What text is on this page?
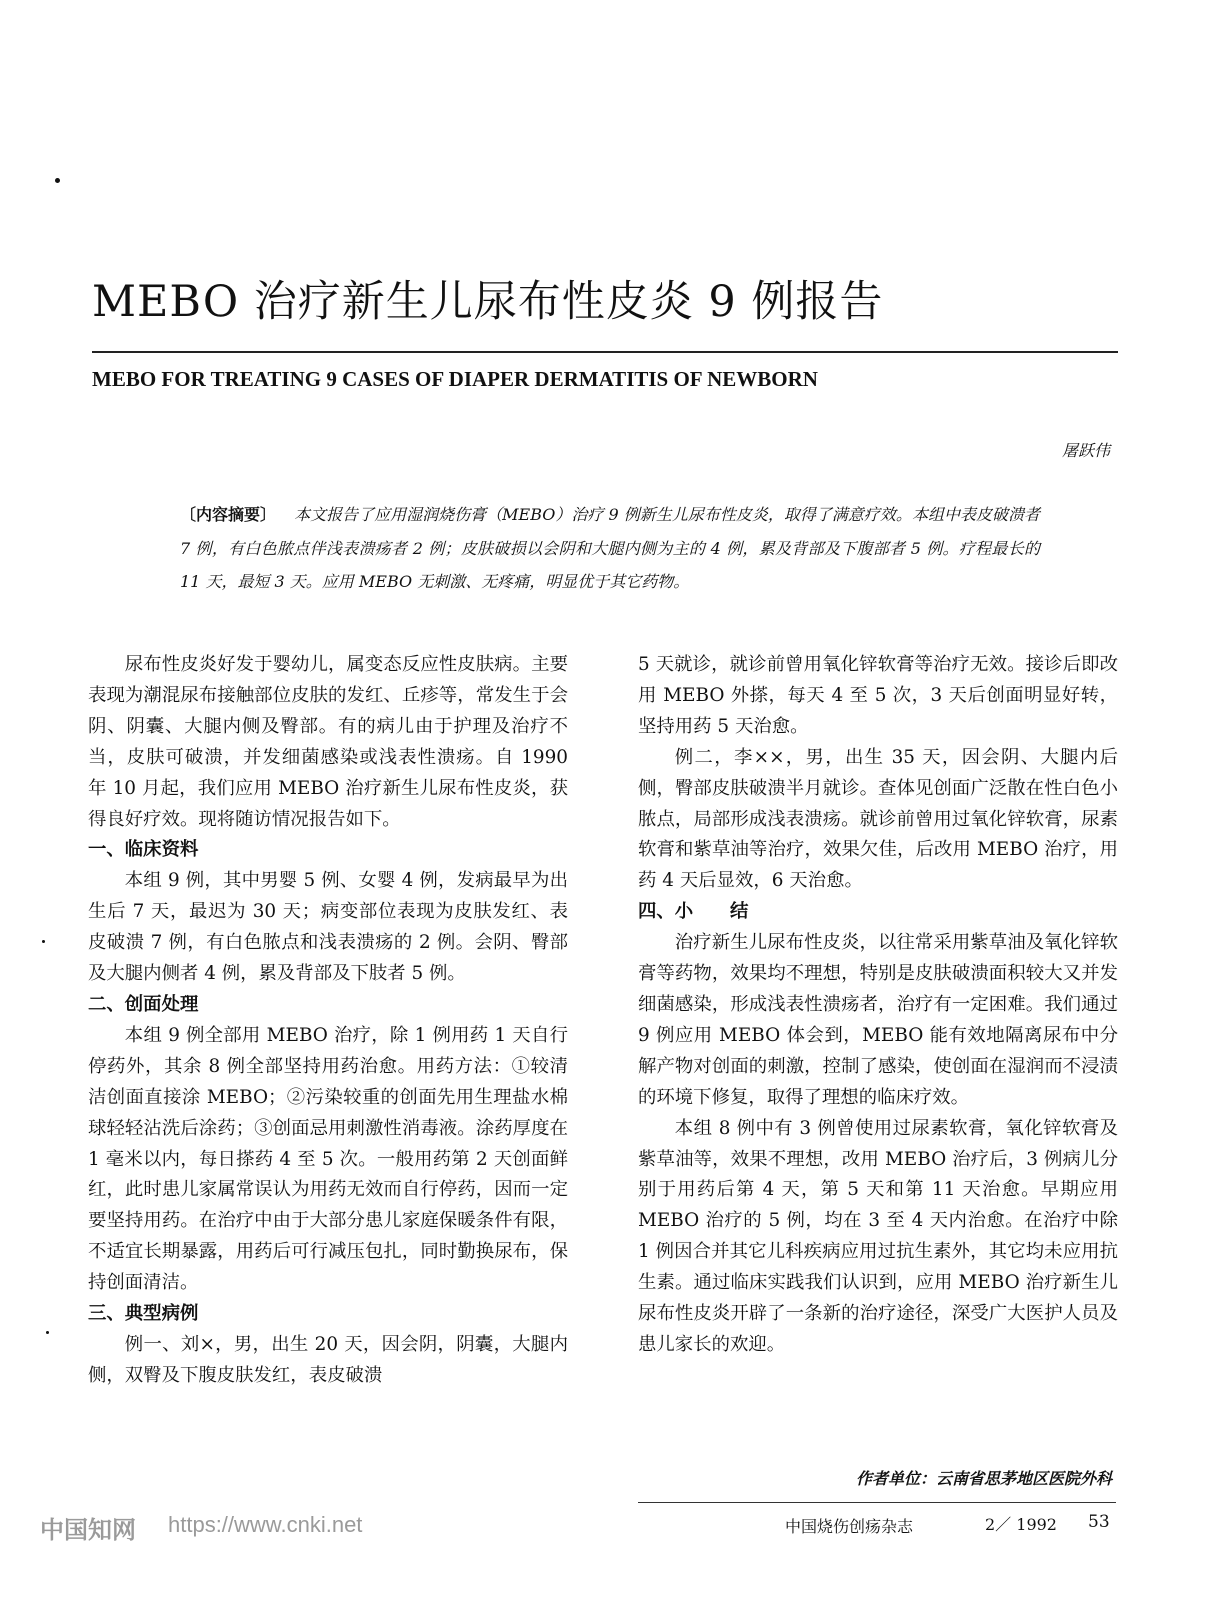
MEBO 治疗新生儿尿布性皮炎 9 例报告
MEBO FOR TREATING 9 CASES OF DIAPER DERMATITIS OF NEWBORN
屠跃伟
〔内容摘要〕 本文报告了应用湿润烧伤膏（MEBO）治疗 9 例新生儿尿布性皮炎，取得了满意疗效。本组中表皮破溃者 7 例，有白色脓点伴浅表溃疡者 2 例；皮肤破损以会阴和大腿内侧为主的 4 例，累及背部及下腹部者 5 例。疗程最长的 11 天，最短 3 天。应用 MEBO 无刺激、无疼痛，明显优于其它药物。

尿布性皮炎好发于婴幼儿，属变态反应性皮肤病。主要表现为潮混尿布接触部位皮肤的发红、丘疹等，常发生于会阴、阴囊、大腿内侧及臀部。有的病儿由于护理及治疗不当，皮肤可破溃，并发细菌感染或浅表性溃疡。自 1990 年 10 月起，我们应用 MEBO 治疗新生儿尿布性皮炎，获得良好疗效。现将随访情况报告如下。

一、临床资料

本组 9 例，其中男婴 5 例、女婴 4 例，发病最早为出生后 7 天，最迟为 30 天；病变部位表现为皮肤发红、表皮破溃 7 例，有白色脓点和浅表溃疡的 2 例。会阴、臀部及大腿内侧者 4 例，累及背部及下肢者 5 例。

二、创面处理

本组 9 例全部用 MEBO 治疗，除 1 例用药 1 天自行停药外，其余 8 例全部坚持用药治愈。用药方法：①较清洁创面直接涂 MEBO；②污染较重的创面先用生理盐水棉球轻轻沾洗后涂药；③创面忌用刺激性消毒液。涂药厚度在 1 毫米以内，每日搽药 4 至 5 次。一般用药第 2 天创面鲜红，此时患儿家属常误认为用药无效而自行停药，因而一定要坚持用药。在治疗中由于大部分患儿家庭保暖条件有限，不适宜长期暴露，用药后可行减压包扎，同时勤换尿布，保持创面清洁。

三、典型病例

例一、刘×，男，出生 20 天，因会阴，阴囊，大腿内侧，双臀及下腹皮肤发红，表皮破溃

5 天就诊，就诊前曾用氧化锌软膏等治疗无效。接诊后即改用 MEBO 外搽，每天 4 至 5 次，3 天后创面明显好转，坚持用药 5 天治愈。

例二，李××，男，出生 35 天，因会阴、大腿内后侧，臀部皮肤破溃半月就诊。查体见创面广泛散在性白色小脓点，局部形成浅表溃疡。就诊前曾用过氧化锌软膏，尿素软膏和紫草油等治疗，效果欠佳，后改用 MEBO 治疗，用药 4 天后显效，6 天治愈。

四、小　　结

治疗新生儿尿布性皮炎，以往常采用紫草油及氧化锌软膏等药物，效果均不理想，特别是皮肤破溃面积较大又并发细菌感染，形成浅表性溃疡者，治疗有一定困难。我们通过 9 例应用 MEBO 体会到，MEBO 能有效地隔离尿布中分解产物对创面的刺激，控制了感染，使创面在湿润而不浸渍的环境下修复，取得了理想的临床疗效。

本组 8 例中有 3 例曾使用过尿素软膏，氧化锌软膏及紫草油等，效果不理想，改用 MEBO 治疗后，3 例病儿分别于用药后第 4 天，第 5 天和第 11 天治愈。早期应用 MEBO 治疗的 5 例，均在 3 至 4 天内治愈。在治疗中除 1 例因合并其它儿科疾病应用过抗生素外，其它均未应用抗生素。通过临床实践我们认识到，应用 MEBO 治疗新生儿尿布性皮炎开辟了一条新的治疗途径，深受广大医护人员及患儿家长的欢迎。

作者单位：云南省思茅地区医院外科
中国烧伤创疡杂志	2／ 1992 53
中国知网 https://www.cnki.net
